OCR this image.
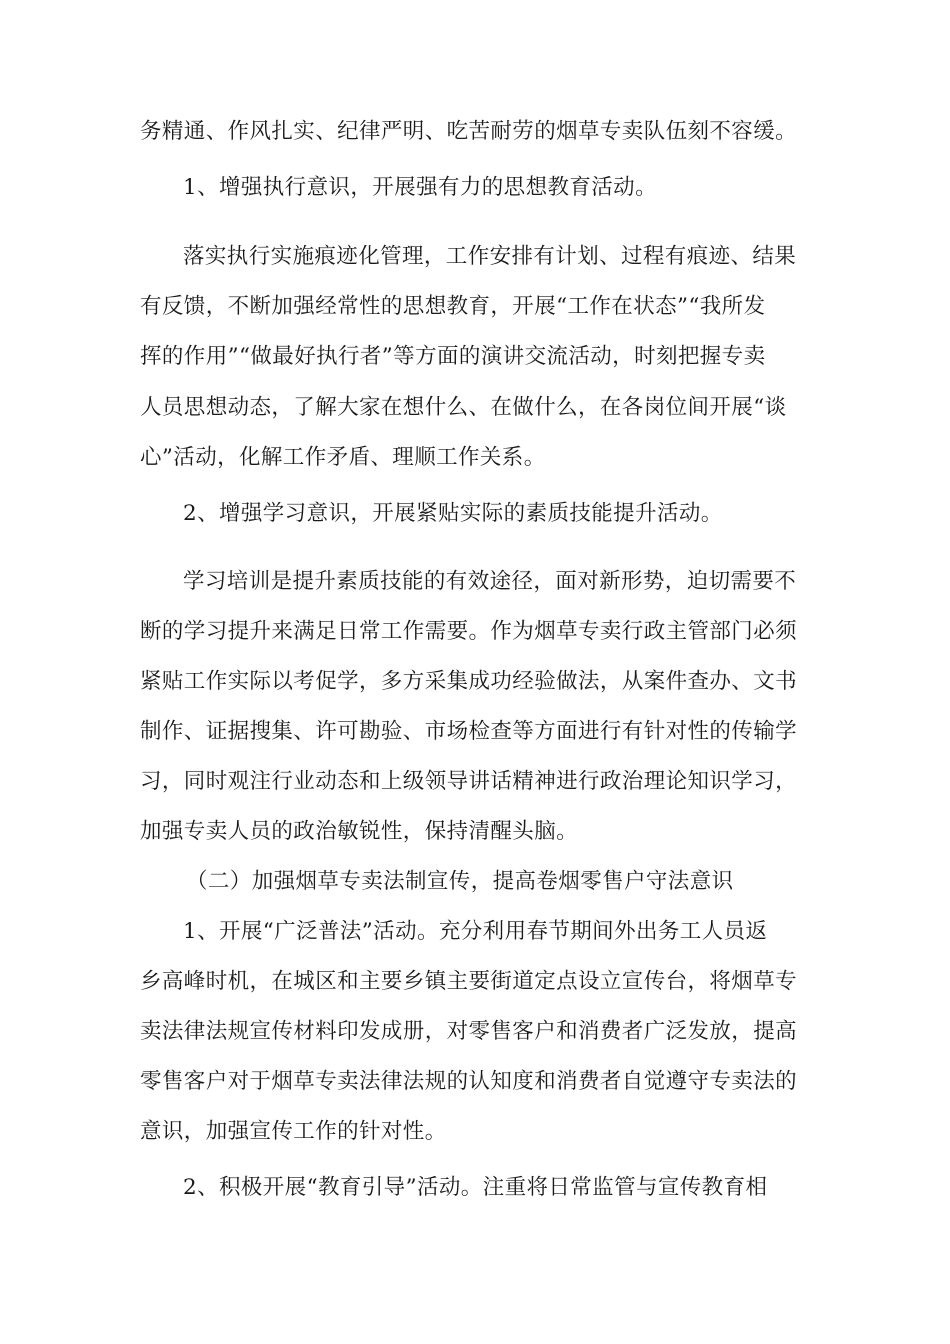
务精通、作风扎实、纪律严明、吃苦耐劳的烟草专卖队伍刻不容缓。

1、增强执行意识，开展强有力的思想教育活动。

落实执行实施痕迹化管理，工作安排有计划、过程有痕迹、结果

有反馈，不断加强经常性的思想教育，开展“工作在状态”“我所发

挥的作用”“做最好执行者”等方面的演讲交流活动，时刻把握专卖

人员思想动态，了解大家在想什么、在做什么，在各岗位间开展“谈

心”活动，化解工作矛盾、理顺工作关系。

2、增强学习意识，开展紧贴实际的素质技能提升活动。

学习培训是提升素质技能的有效途径，面对新形势，迫切需要不

断的学习提升来满足日常工作需要。作为烟草专卖行政主管部门必须

紧贴工作实际以考促学，多方采集成功经验做法，从案件查办、文书

制作、证据搜集、许可勘验、市场检查等方面进行有针对性的传输学

习，同时观注行业动态和上级领导讲话精神进行政治理论知识学习，

加强专卖人员的政治敏锐性，保持清醒头脑。

（二）加强烟草专卖法制宣传，提高卷烟零售户守法意识

1、开展“广泛普法”活动。充分利用春节期间外出务工人员返

乡高峰时机，在城区和主要乡镇主要街道定点设立宣传台，将烟草专

卖法律法规宣传材料印发成册，对零售客户和消费者广泛发放，提高

零售客户对于烟草专卖法律法规的认知度和消费者自觉遵守专卖法的

意识，加强宣传工作的针对性。

2、积极开展“教育引导”活动。注重将日常监管与宣传教育相
